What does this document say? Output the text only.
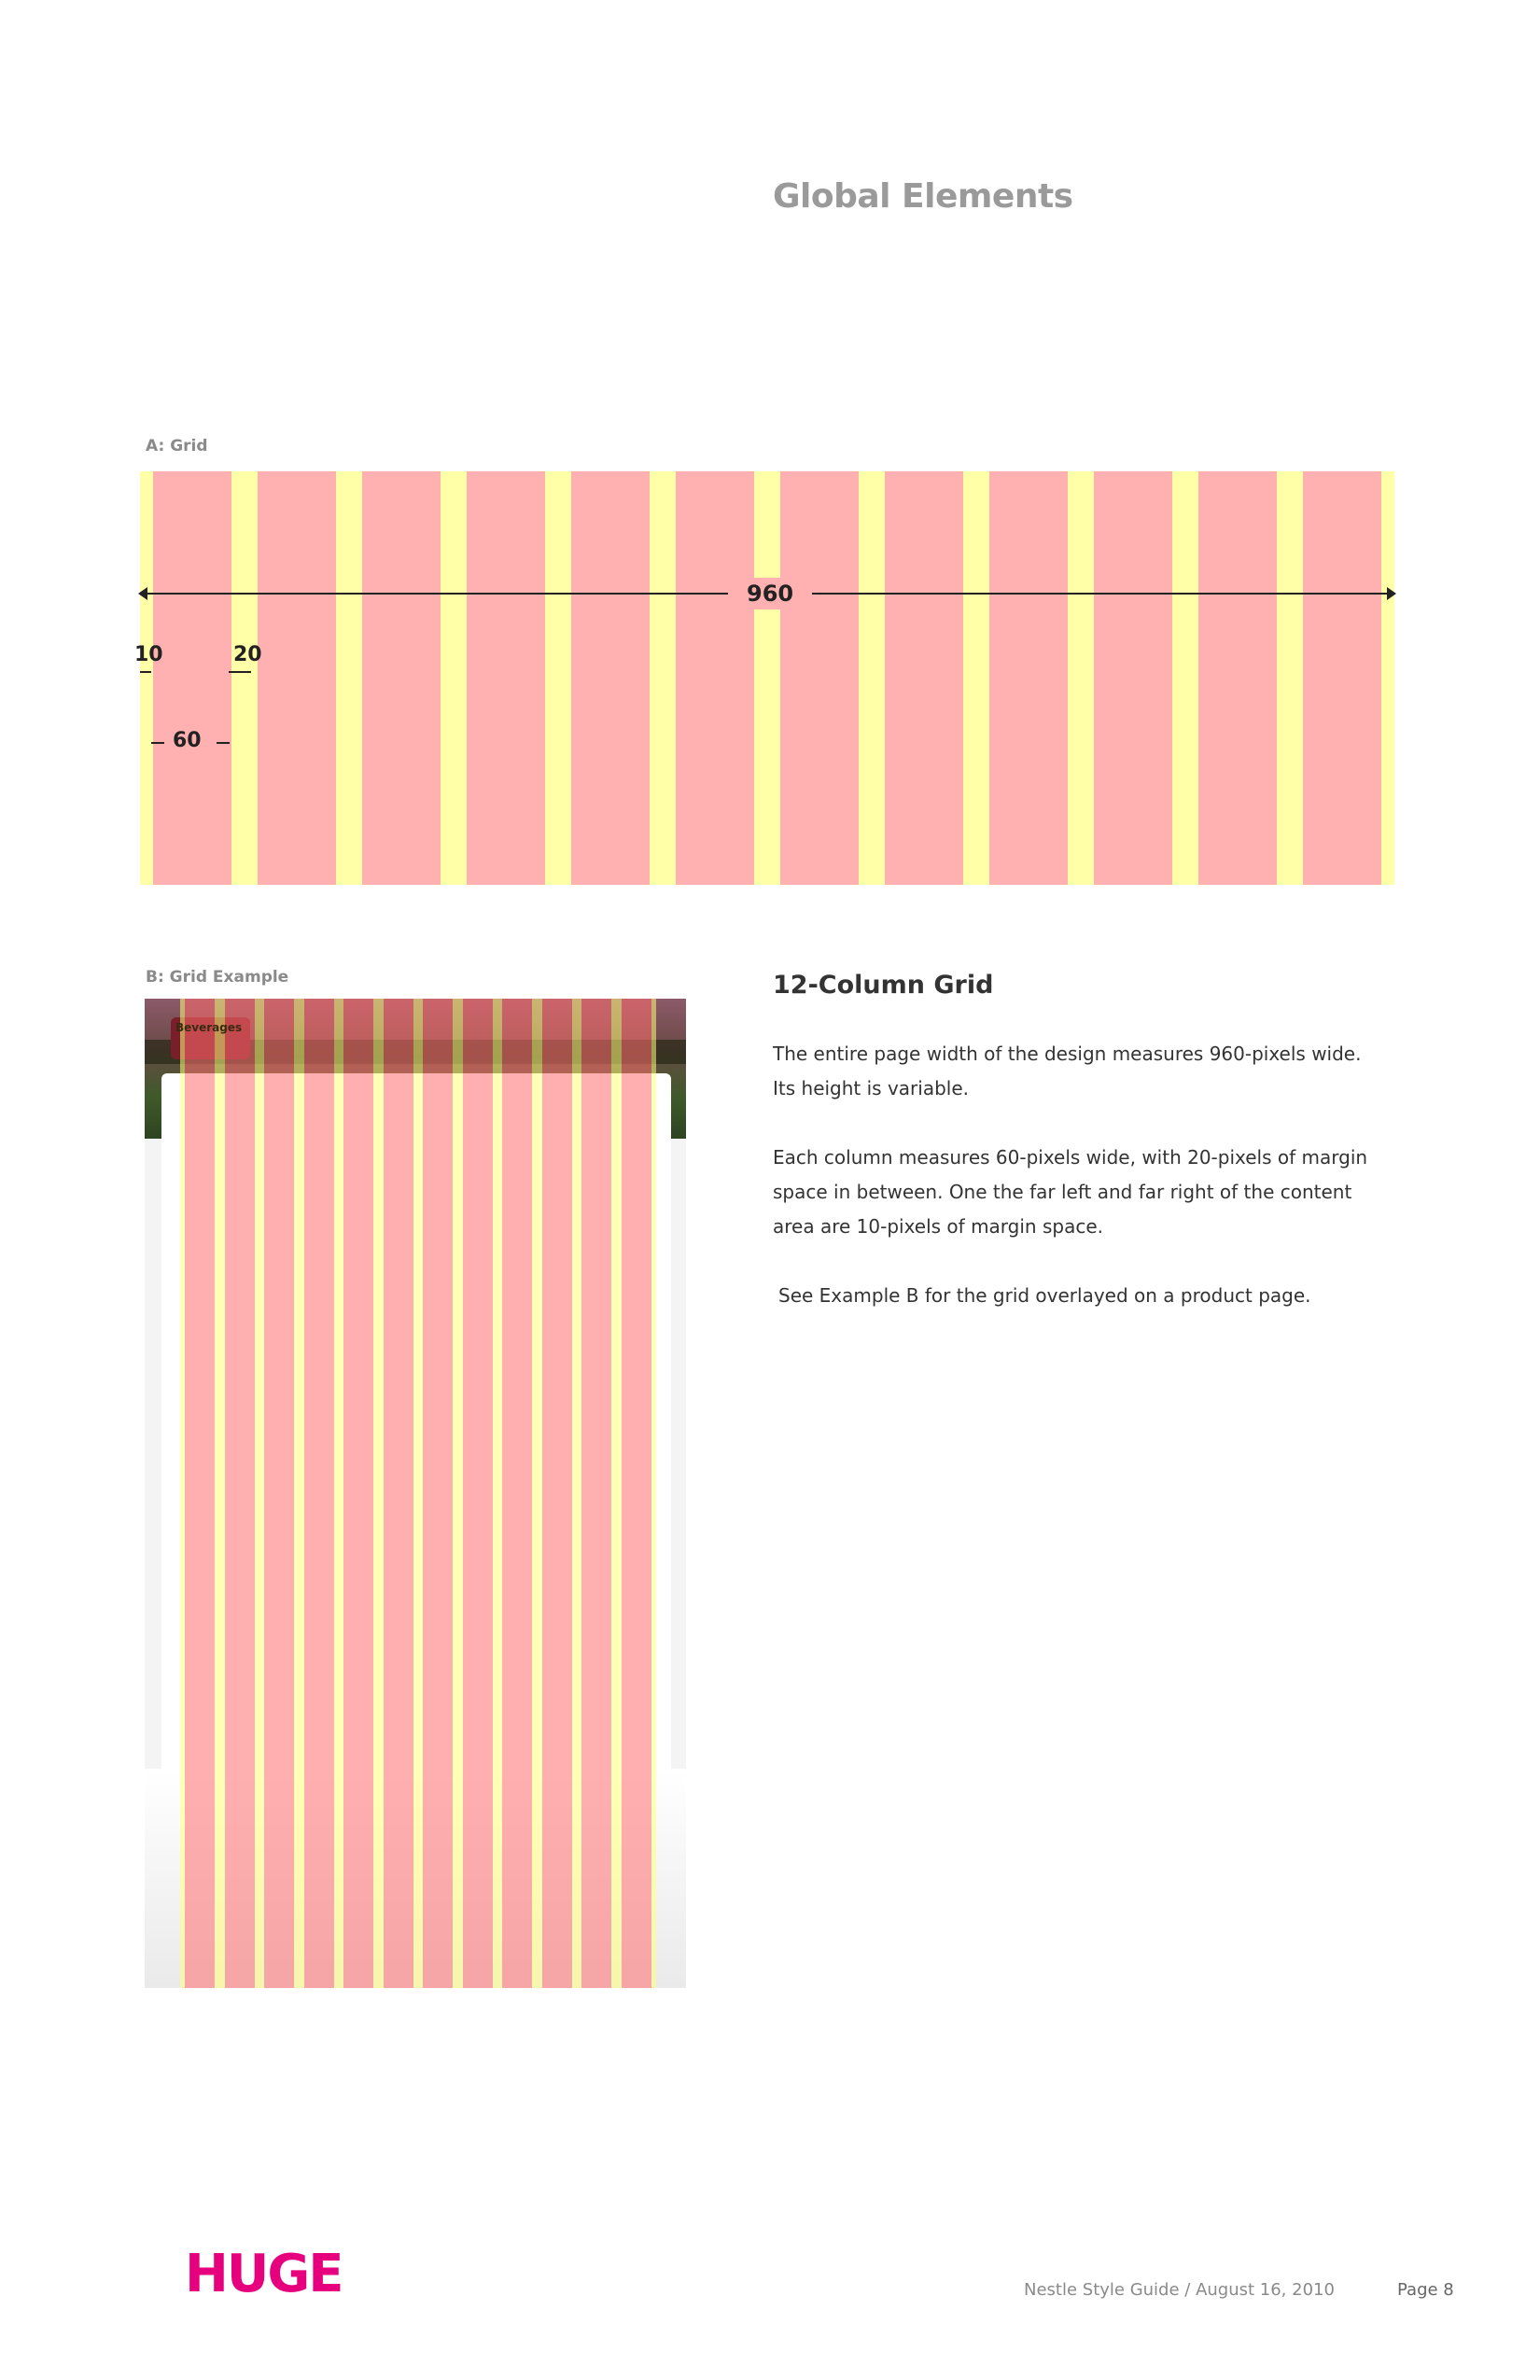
Global Elements
A: Grid
960
10	20
60
B: Grid Example
Beverages
12-Column Grid

The entire page width of the design measures 960-pixels wide. Its height is variable.

Each column measures 60-pixels wide, with 20-pixels of margin space in between. One the far left and far right of the content area are 10-pixels of margin space.

See Example B for the grid overlayed on a product page.

HUGE	Nestle Style Guide / August 16, 2010	Page 8
